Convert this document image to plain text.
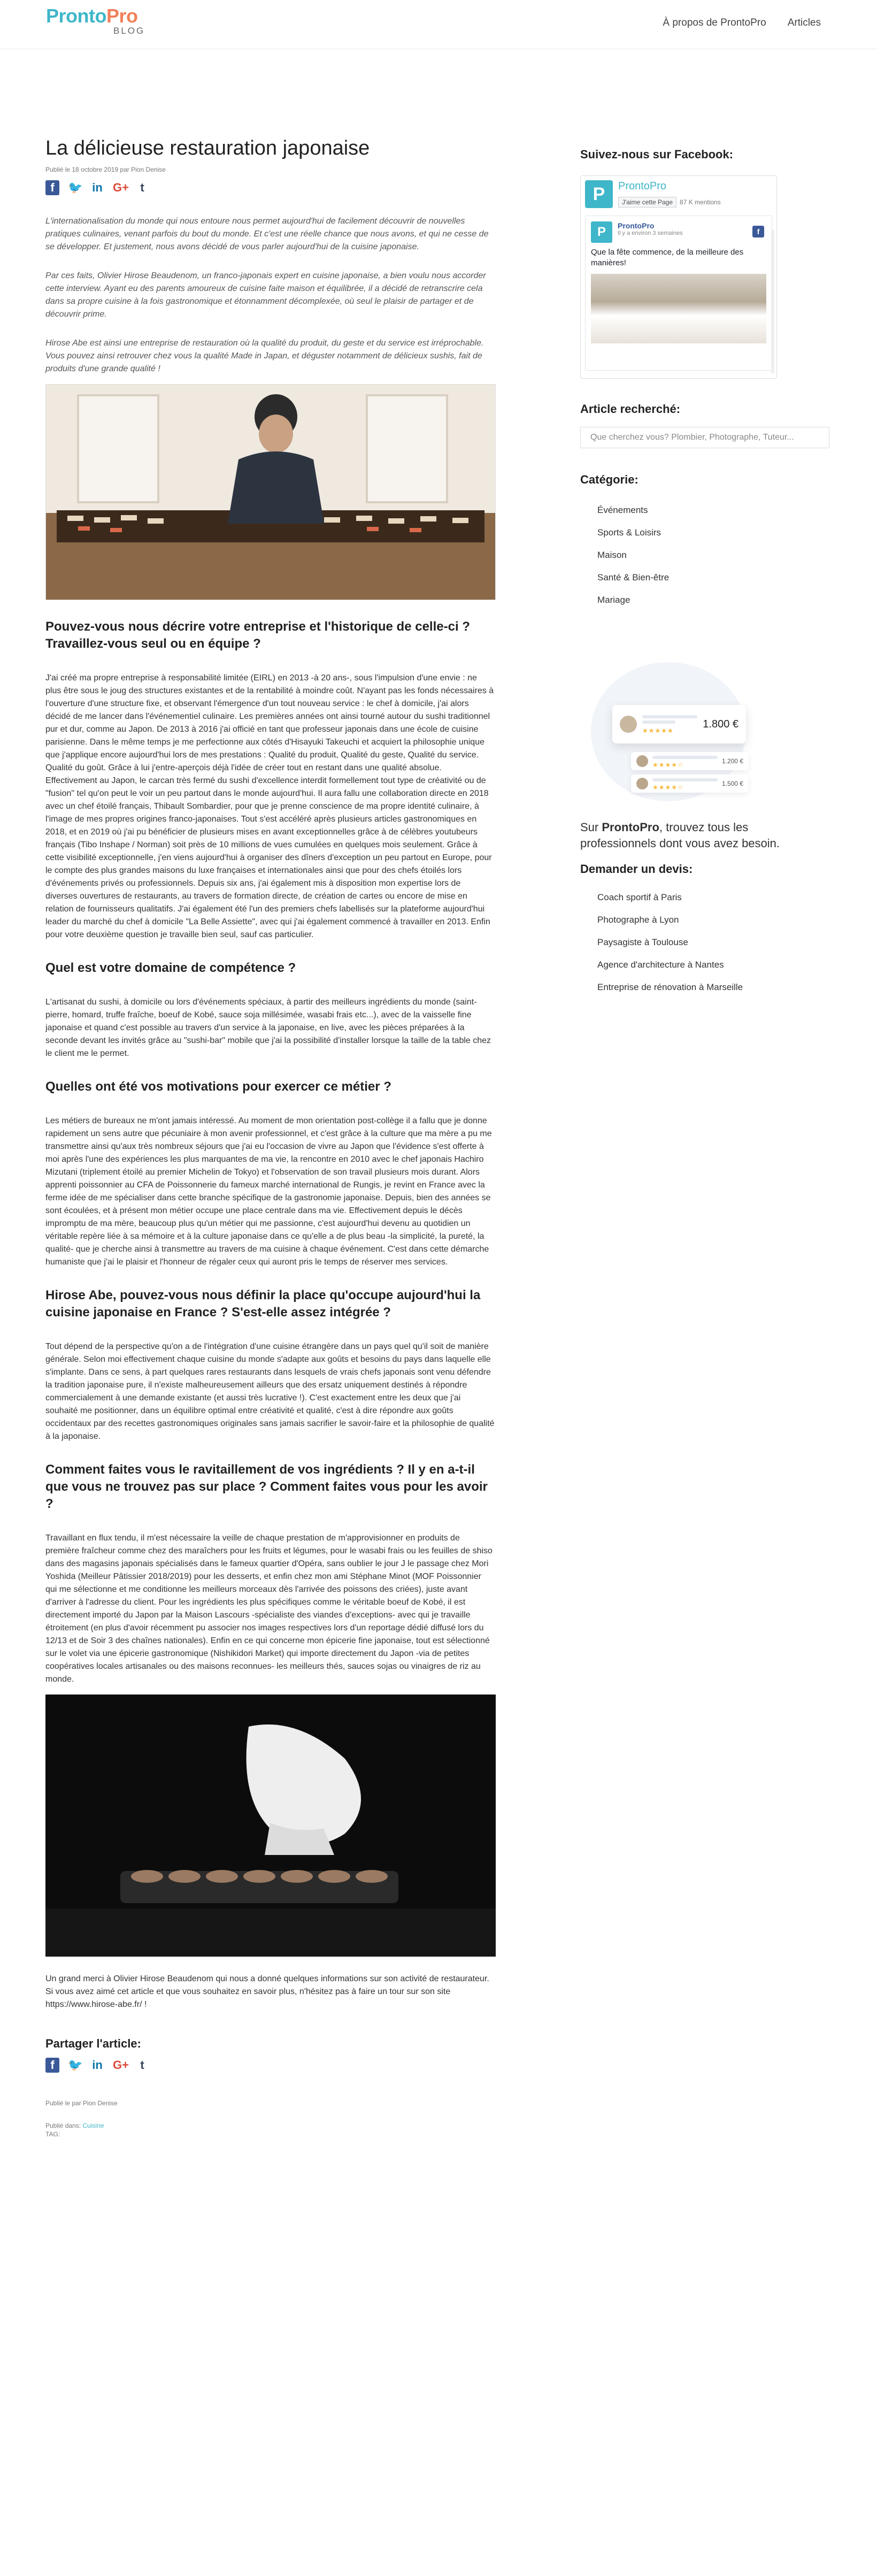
ProntoPro
BLOG
À propos de ProntoPro Articles
La délicieuse restauration japonaise
Publié le 18 octobre 2019 par Pion Denise
f	🐦 in G+ t

L'internationalisation du monde qui nous entoure nous permet aujourd'hui de facilement découvrir de nouvelles pratiques culinaires, venant parfois du bout du monde. Et c'est une réelle chance que nous avons, et qui ne cesse de se développer. Et justement, nous avons décidé de vous parler aujourd'hui de la cuisine japonaise.

Par ces faits, Olivier Hirose Beaudenom, un franco-japonais expert en cuisine japonaise, a bien voulu nous accorder cette interview. Ayant eu des parents amoureux de cuisine faite maison et équilibrée, il a décidé de retranscrire cela dans sa propre cuisine à la fois gastronomique et étonnamment décomplexée, où seul le plaisir de partager et de découvrir prime.

Hirose Abe est ainsi une entreprise de restauration où la qualité du produit, du geste et du service est irréprochable. Vous pouvez ainsi retrouver chez vous la qualité Made in Japan, et déguster notamment de délicieux sushis, fait de produits d'une grande qualité !

Pouvez-vous nous décrire votre entreprise et l'historique de celle-ci ? Travaillez-vous seul ou en équipe ?

J'ai créé ma propre entreprise à responsabilité limitée (EIRL) en 2013 -à 20 ans-, sous l'impulsion d'une envie : ne plus être sous le joug des structures existantes et de la rentabilité à moindre coût. N'ayant pas les fonds nécessaires à l'ouverture d'une structure fixe, et observant l'émergence d'un tout nouveau service : le chef à domicile, j'ai alors décidé de me lancer dans l'événementiel culinaire. Les premières années ont ainsi tourné autour du sushi traditionnel pur et dur, comme au Japon. De 2013 à 2016 j'ai officié en tant que professeur japonais dans une école de cuisine parisienne. Dans le même temps je me perfectionne aux côtés d'Hisayuki Takeuchi et acquiert la philosophie unique que j'applique encore aujourd'hui lors de mes prestations : Qualité du produit, Qualité du geste, Qualité du service. Qualité du goût. Grâce à lui j'entre-aperçois déjà l'idée de créer tout en restant dans une qualité absolue. Effectivement au Japon, le carcan très fermé du sushi d'excellence interdit formellement tout type de créativité ou de "fusion" tel qu'on peut le voir un peu partout dans le monde aujourd'hui. Il aura fallu une collaboration directe en 2018 avec un chef étoilé français, Thibault Sombardier, pour que je prenne conscience de ma propre identité culinaire, à l'image de mes propres origines franco-japonaises. Tout s'est accéléré après plusieurs articles gastronomiques en 2018, et en 2019 où j'ai pu bénéficier de plusieurs mises en avant exceptionnelles grâce à de célèbres youtubeurs français (Tibo Inshape / Norman) soit près de 10 millions de vues cumulées en quelques mois seulement. Grâce à cette visibilité exceptionnelle, j'en viens aujourd'hui à organiser des dîners d'exception un peu partout en Europe, pour le compte des plus grandes maisons du luxe françaises et internationales ainsi que pour des chefs étoilés lors d'événements privés ou professionnels. Depuis six ans, j'ai également mis à disposition mon expertise lors de diverses ouvertures de restaurants, au travers de formation directe, de création de cartes ou encore de mise en relation de fournisseurs qualitatifs. J'ai également été l'un des premiers chefs labellisés sur la plateforme aujourd'hui leader du marché du chef à domicile "La Belle Assiette", avec qui j'ai également commencé à travailler en 2013. Enfin pour votre deuxième question je travaille bien seul, sauf cas particulier.

Quel est votre domaine de compétence ?

L'artisanat du sushi, à domicile ou lors d'événements spéciaux, à partir des meilleurs ingrédients du monde (saint-pierre, homard, truffe fraîche, boeuf de Kobé, sauce soja millésimée, wasabi frais etc...), avec de la vaisselle fine japonaise et quand c'est possible au travers d'un service à la japonaise, en live, avec les pièces préparées à la seconde devant les invités grâce au "sushi-bar" mobile que j'ai la possibilité d'installer lorsque la taille de la table chez le client me le permet.

Quelles ont été vos motivations pour exercer ce métier ?

Les métiers de bureaux ne m'ont jamais intéressé. Au moment de mon orientation post-collège il a fallu que je donne rapidement un sens autre que pécuniaire à mon avenir professionnel, et c'est grâce à la culture que ma mère a pu me transmettre ainsi qu'aux très nombreux séjours que j'ai eu l'occasion de vivre au Japon que l'évidence s'est offerte à moi après l'une des expériences les plus marquantes de ma vie, la rencontre en 2010 avec le chef japonais Hachiro Mizutani (triplement étoilé au premier Michelin de Tokyo) et l'observation de son travail plusieurs mois durant. Alors apprenti poissonnier au CFA de Poissonnerie du fameux marché international de Rungis, je revint en France avec la ferme idée de me spécialiser dans cette branche spécifique de la gastronomie japonaise. Depuis, bien des années se sont écoulées, et à présent mon métier occupe une place centrale dans ma vie. Effectivement depuis le décès impromptu de ma mère, beaucoup plus qu'un métier qui me passionne, c'est aujourd'hui devenu au quotidien un véritable repère liée à sa mémoire et à la culture japonaise dans ce qu'elle a de plus beau -la simplicité, la pureté, la qualité- que je cherche ainsi à transmettre au travers de ma cuisine à chaque événement. C'est dans cette démarche humaniste que j'ai le plaisir et l'honneur de régaler ceux qui auront pris le temps de réserver mes services.

Hirose Abe, pouvez-vous nous définir la place qu'occupe aujourd'hui la cuisine japonaise en France ? S'est-elle assez intégrée ?

Tout dépend de la perspective qu'on a de l'intégration d'une cuisine étrangère dans un pays quel qu'il soit de manière générale. Selon moi effectivement chaque cuisine du monde s'adapte aux goûts et besoins du pays dans laquelle elle s'implante. Dans ce sens, à part quelques rares restaurants dans lesquels de vrais chefs japonais sont venu défendre la tradition japonaise pure, il n'existe malheureusement ailleurs que des ersatz uniquement destinés à répondre commercialement à une demande existante (et aussi très lucrative !). C'est exactement entre les deux que j'ai souhaité me positionner, dans un équilibre optimal entre créativité et qualité, c'est à dire répondre aux goûts occidentaux par des recettes gastronomiques originales sans jamais sacrifier le savoir-faire et la philosophie de qualité à la japonaise.

Comment faites vous le ravitaillement de vos ingrédients ? Il y en a-t-il que vous ne trouvez pas sur place ? Comment faites vous pour les avoir ?

Travaillant en flux tendu, il m'est nécessaire la veille de chaque prestation de m'approvisionner en produits de première fraîcheur comme chez des maraîchers pour les fruits et légumes, pour le wasabi frais ou les feuilles de shiso dans des magasins japonais spécialisés dans le fameux quartier d'Opéra, sans oublier le jour J le passage chez Mori Yoshida (Meilleur Pâtissier 2018/2019) pour les desserts, et enfin chez mon ami Stéphane Minot (MOF Poissonnier qui me sélectionne et me conditionne les meilleurs morceaux dès l'arrivée des poissons des criées), juste avant d'arriver à l'adresse du client. Pour les ingrédients les plus spécifiques comme le véritable boeuf de Kobé, il est directement importé du Japon par la Maison Lascours -spécialiste des viandes d'exceptions- avec qui je travaille étroitement (en plus d'avoir récemment pu associer nos images respectives lors d'un reportage dédié diffusé lors du 12/13 et de Soir 3 des chaînes nationales). Enfin en ce qui concerne mon épicerie fine japonaise, tout est sélectionné sur le volet via une épicerie gastronomique (Nishikidori Market) qui importe directement du Japon -via de petites coopératives locales artisanales ou des maisons reconnues- les meilleurs thés, sauces sojas ou vinaigres de riz au monde.

Un grand merci à Olivier Hirose Beaudenom qui nous a donné quelques informations sur son activité de restaurateur. Si vous avez aimé cet article et que vous souhaitez en savoir plus, n'hésitez pas à faire un tour sur son site https://www.hirose-abe.fr/ !

Partager l'article:
f	🐦 in G+ t
Publié le par Pion Denise
Publié dans: Cuisine
TAG:
Suivez-nous sur Facebook:
P	ProntoPro
J'aime cette Page 87 K mentions
P	f
ProntoPro
Il y a environ 3 semaines
Que la fête commence, de la meilleure des manières!
Article recherché:
Que cherchez vous? Plombier, Photographe, Tuteur...
Catégorie:
Événements
Sports & Loisirs
Maison
Santé & Bien-être
Mariage
★★★★★
1.800 €
★★★★☆	1.200 €
★★★★☆	1.500 €
Sur ProntoPro, trouvez tous les professionnels dont vous avez besoin.
Demander un devis:
Coach sportif à Paris
Photographe à Lyon
Paysagiste à Toulouse
Agence d'architecture à Nantes
Entreprise de rénovation à Marseille
